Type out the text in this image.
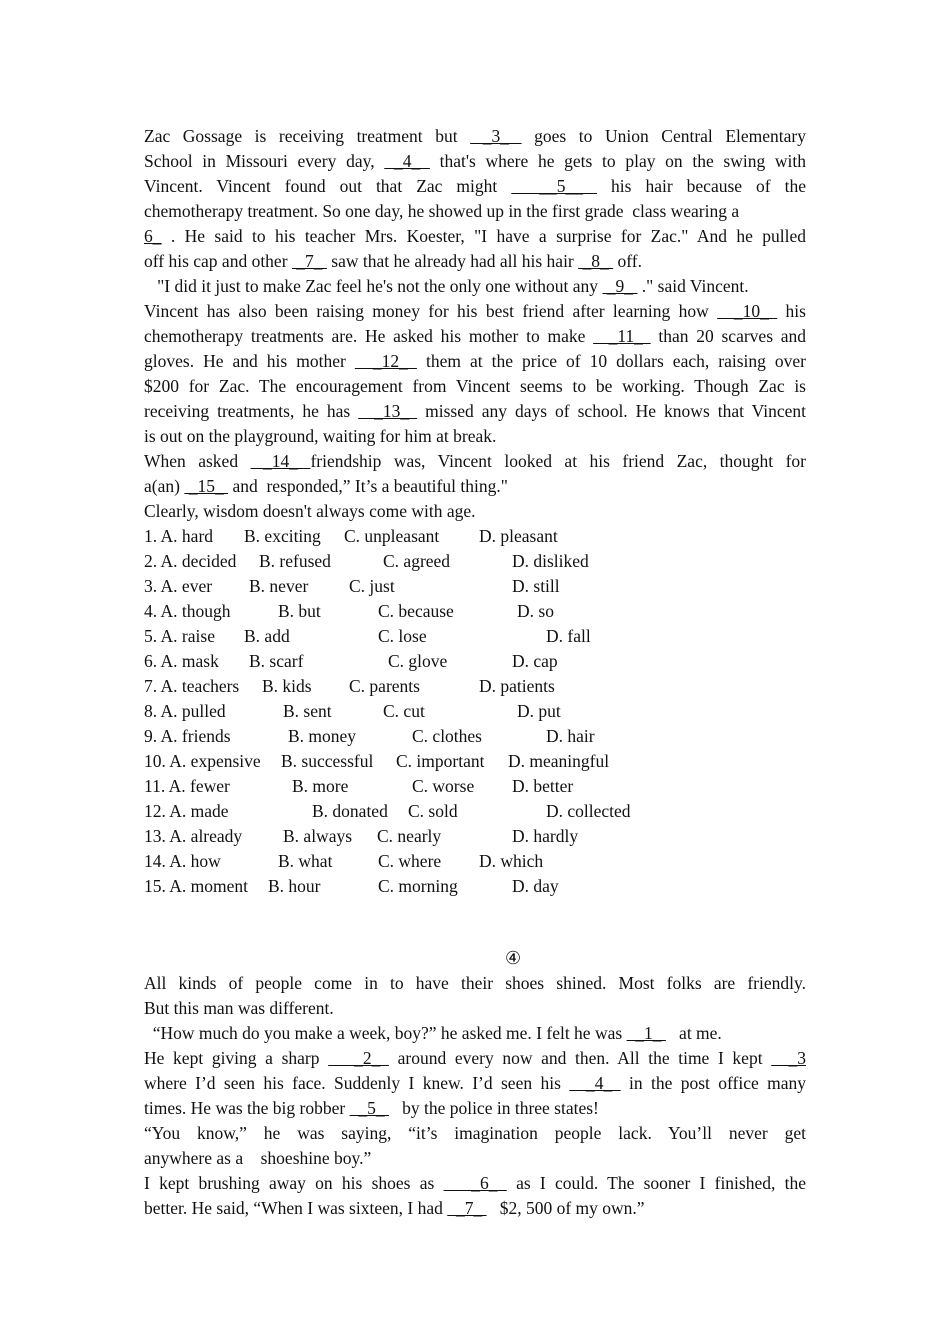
Zac Gossage is receiving treatment but  _3_  goes to Union Central Elementary
School in Missouri every day,  _4_  that's where he gets to play on the swing with
Vincent. Vincent found out that Zac might   __5__  his hair because of the
chemotherapy treatment. So one day, he showed up in the first grade  class wearing a
6_ . He said to his teacher Mrs. Koester, "I have a surprise for Zac." And he pulled
off his cap and other  _7_  saw that he already had all his hair  _8_  off.
"I did it just to make Zac feel he's not the only one without any  _9_  ." said Vincent.
Vincent has also been raising money for his best friend after learning how   _10_  his
chemotherapy treatments are. He asked his mother to make   _11_  than 20 scarves and
gloves. He and his mother   _12_  them at the price of 10 dollars each, raising over
$200 for Zac. The encouragement from Vincent seems to be working. Though Zac is
receiving treatments, he has   _13_  missed any days of school. He knows that Vincent
is out on the playground, waiting for him at break.
When asked  _14_ friendship was, Vincent looked at his friend Zac, thought for
a(an)  _15_  and  responded,” It’s a beautiful thing."
Clearly, wisdom doesn't always come with age.
1. A. hard B. exciting C. unpleasant D. pleasant
2. A. decided B. refused	C. agreed	D. disliked
3. A. ever B. never C. just	D. still
4. A. though	B. but	C. because	D. so
5. A. raise B. add	C. lose	D. fall
6. A. mask B. scarf	C. glove	D. cap
7. A. teachers B. kids C. parents	D. patients
8. A. pulled	B. sent	C. cut	D. put
9. A. friends	B. money	C. clothes	D. hair
10. A. expensive B. successful C. important D. meaningful
11. A. fewer	B. more	C. worse D. better
12. A. made	B. donated C. sold	D. collected
13. A. already B. always C. nearly	D. hardly
14. A. how	B. what	C. where D. which
15. A. moment B. hour	C. morning	D. day
④
All kinds of people come in to have their shoes shined. Most folks are friendly.
But this man was different.
“How much do you make a week, boy?” he asked me. I felt he was   _1_    at me.
He kept giving a sharp    _2_  around every now and then. All the time I kept   _3
where I’d seen his face. Suddenly I knew. I’d seen his   _4_  in the post office many
times. He was the big robber   _5_    by the police in three states!
“You know,” he was saying, “it’s imagination people lack. You’ll never get
anywhere as a    shoeshine boy.”
I kept brushing away on his shoes as    _6_  as I could. The sooner I finished, the
better. He said, “When I was sixteen, I had   _7_    $2, 500 of my own.”
